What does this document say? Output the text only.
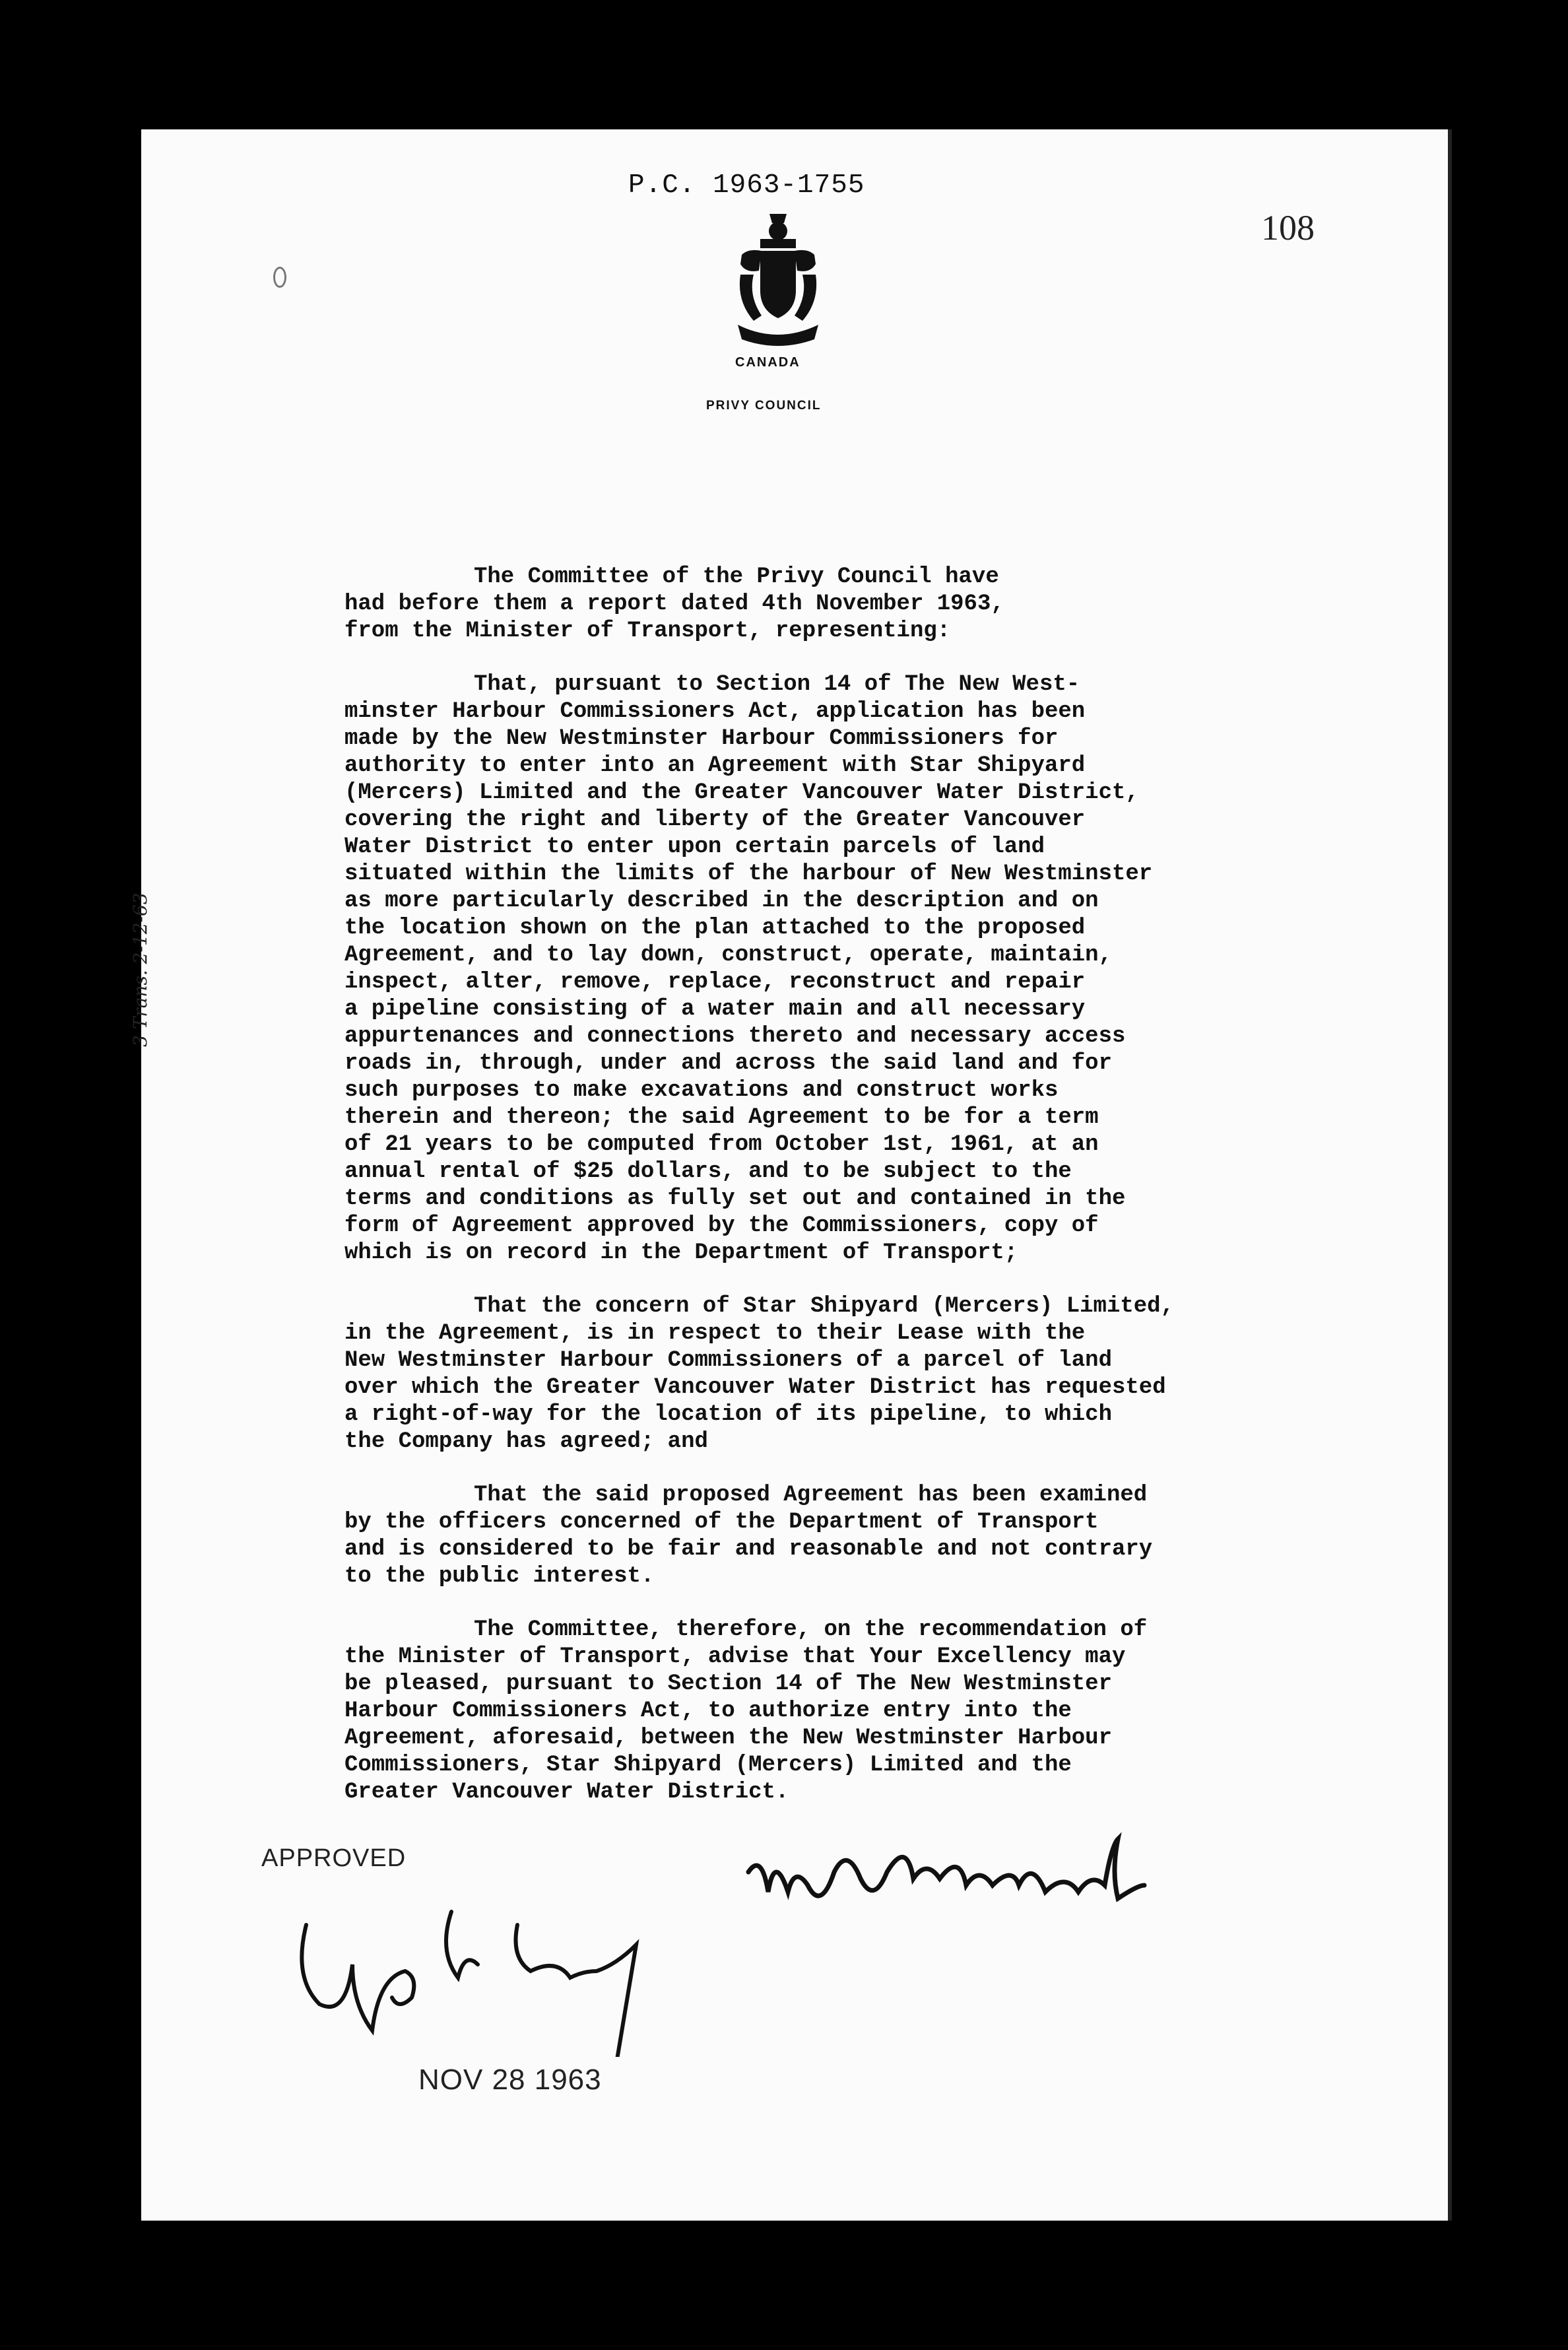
P.C. 1963-1755
108
CANADA
PRIVY COUNCIL
3 Trans. 2-12-63

The Committee of the Privy Council have
had before them a report dated 4th November 1963,
from the Minister of Transport, representing:

That, pursuant to Section 14 of The New West-
minster Harbour Commissioners Act, application has been
made by the New Westminster Harbour Commissioners for
authority to enter into an Agreement with Star Shipyard
(Mercers) Limited and the Greater Vancouver Water District,
covering the right and liberty of the Greater Vancouver
Water District to enter upon certain parcels of land
situated within the limits of the harbour of New Westminster
as more particularly described in the description and on
the location shown on the plan attached to the proposed
Agreement, and to lay down, construct, operate, maintain,
inspect, alter, remove, replace, reconstruct and repair
a pipeline consisting of a water main and all necessary
appurtenances and connections thereto and necessary access
roads in, through, under and across the said land and for
such purposes to make excavations and construct works
therein and thereon; the said Agreement to be for a term
of 21 years to be computed from October 1st, 1961, at an
annual rental of $25 dollars, and to be subject to the
terms and conditions as fully set out and contained in the
form of Agreement approved by the Commissioners, copy of
which is on record in the Department of Transport;

That the concern of Star Shipyard (Mercers) Limited,
in the Agreement, is in respect to their Lease with the
New Westminster Harbour Commissioners of a parcel of land
over which the Greater Vancouver Water District has requested
a right-of-way for the location of its pipeline, to which
the Company has agreed; and

That the said proposed Agreement has been examined
by the officers concerned of the Department of Transport
and is considered to be fair and reasonable and not contrary
to the public interest.

The Committee, therefore, on the recommendation of
the Minister of Transport, advise that Your Excellency may
be pleased, pursuant to Section 14 of The New Westminster
Harbour Commissioners Act, to authorize entry into the
Agreement, aforesaid, between the New Westminster Harbour
Commissioners, Star Shipyard (Mercers) Limited and the
Greater Vancouver Water District.

APPROVED
NOV 28 1963
